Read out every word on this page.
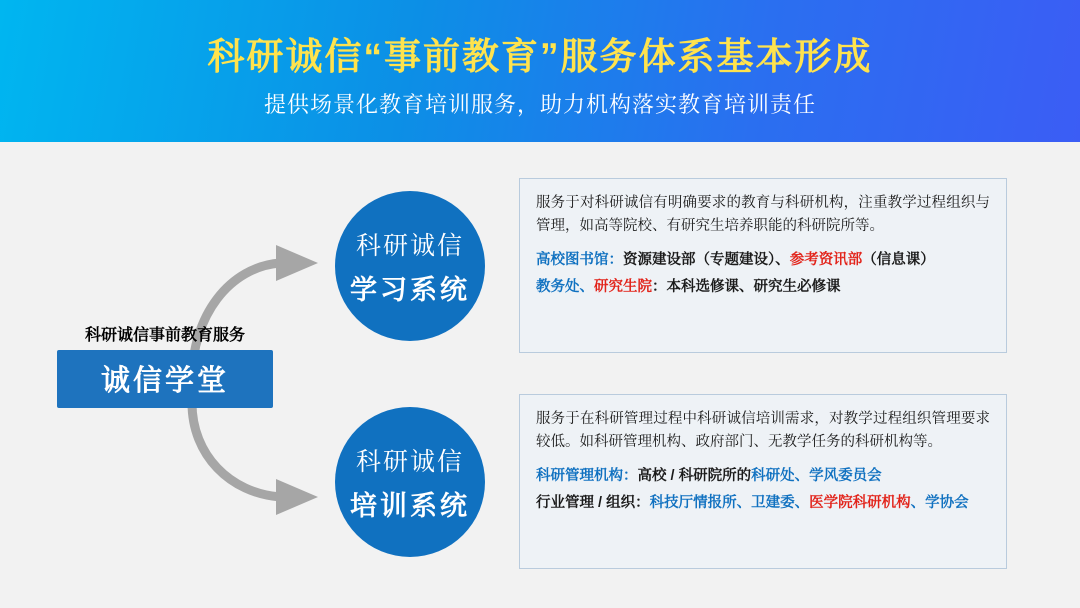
科研诚信“事前教育”服务体系基本形成
提供场景化教育培训服务，助力机构落实教育培训责任
科研诚信事前教育服务
诚信学堂
科研诚信
学习系统
科研诚信
培训系统

服务于对科研诚信有明确要求的教育与科研机构，注重教学过程组织与管理，如高等院校、有研究生培养职能的科研院所等。

高校图书馆：资源建设部（专题建设）、参考资讯部（信息课）
教务处、研究生院：本科选修课、研究生必修课

服务于在科研管理过程中科研诚信培训需求，对教学过程组织管理要求较低。如科研管理机构、政府部门、无教学任务的科研机构等。

科研管理机构：高校 / 科研院所的科研处、学风委员会
行业管理 / 组织：科技厅情报所、卫建委、医学院科研机构、学协会
